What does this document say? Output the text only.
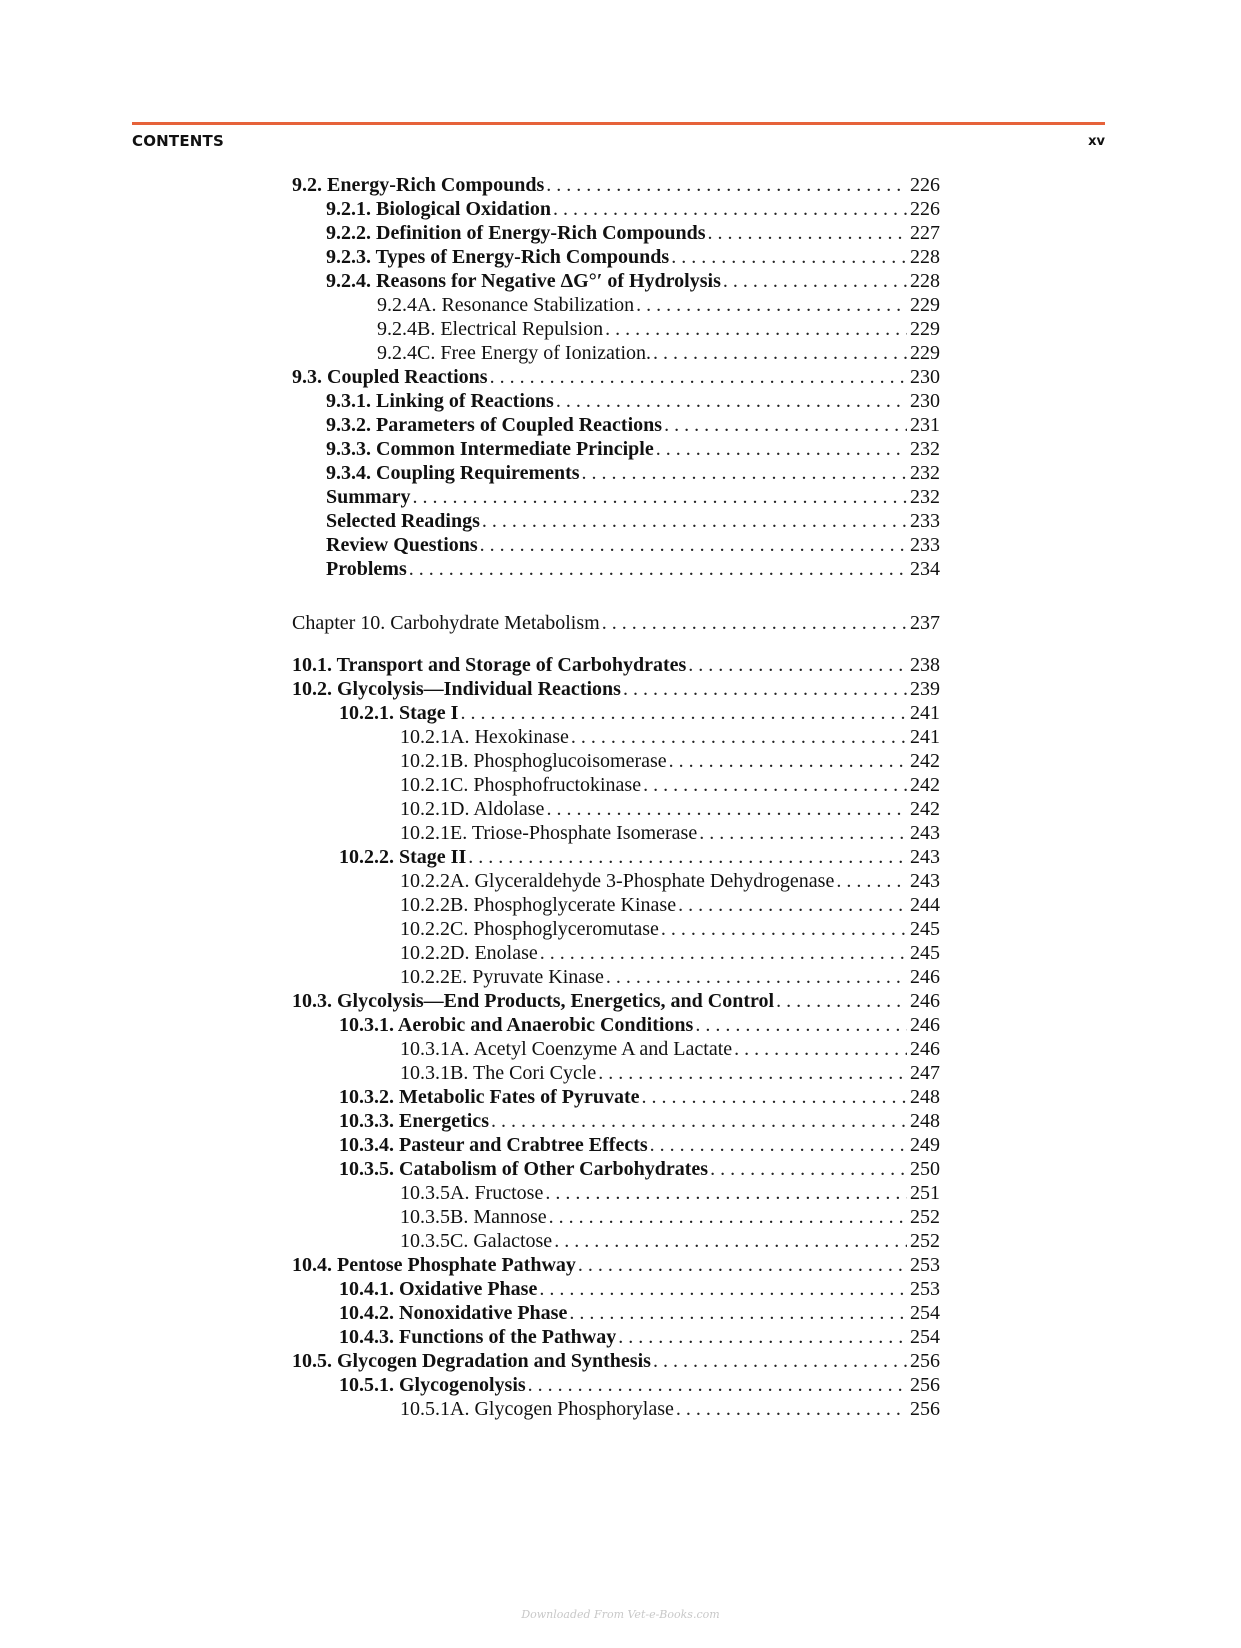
CONTENTS	xv
9.2. Energy-Rich Compounds . . .	226
9.2.1. Biological Oxidation . . .	226
9.2.2. Definition of Energy-Rich Compounds . . .	227
9.2.3. Types of Energy-Rich Compounds . . .	228
9.2.4. Reasons for Negative ΔG°′ of Hydrolysis . . .	228
9.2.4A. Resonance Stabilization . . .	229
9.2.4B. Electrical Repulsion . . .	229
9.2.4C. Free Energy of Ionization. . . .	229
9.3. Coupled Reactions . . .	230
9.3.1. Linking of Reactions . . .	230
9.3.2. Parameters of Coupled Reactions . . .	231
9.3.3. Common Intermediate Principle . . .	232
9.3.4. Coupling Requirements . . .	232
Summary . . .	232
Selected Readings . . .	233
Review Questions . . .	233
Problems . . .	234
Chapter 10. Carbohydrate Metabolism . . .	237
10.1. Transport and Storage of Carbohydrates . . .	238
10.2. Glycolysis—Individual Reactions . . .	239
10.2.1. Stage I . . .	241
10.2.1A. Hexokinase . . .	241
10.2.1B. Phosphoglucoisomerase . . .	242
10.2.1C. Phosphofructokinase . . .	242
10.2.1D. Aldolase . . .	242
10.2.1E. Triose-Phosphate Isomerase . . .	243
10.2.2. Stage II . . .	243
10.2.2A. Glyceraldehyde 3-Phosphate Dehydrogenase . . .	243
10.2.2B. Phosphoglycerate Kinase . . .	244
10.2.2C. Phosphoglyceromutase . . .	245
10.2.2D. Enolase . . .	245
10.2.2E. Pyruvate Kinase . . .	246
10.3. Glycolysis—End Products, Energetics, and Control . . .	246
10.3.1. Aerobic and Anaerobic Conditions . . .	246
10.3.1A. Acetyl Coenzyme A and Lactate . . .	246
10.3.1B. The Cori Cycle . . .	247
10.3.2. Metabolic Fates of Pyruvate . . .	248
10.3.3. Energetics . . .	248
10.3.4. Pasteur and Crabtree Effects . . .	249
10.3.5. Catabolism of Other Carbohydrates . . .	250
10.3.5A. Fructose . . .	251
10.3.5B. Mannose . . .	252
10.3.5C. Galactose . . .	252
10.4. Pentose Phosphate Pathway . . .	253
10.4.1. Oxidative Phase . . .	253
10.4.2. Nonoxidative Phase . . .	254
10.4.3. Functions of the Pathway . . .	254
10.5. Glycogen Degradation and Synthesis . . .	256
10.5.1. Glycogenolysis . . .	256
10.5.1A. Glycogen Phosphorylase . . .	256
Downloaded From Vet-e-Books.com
